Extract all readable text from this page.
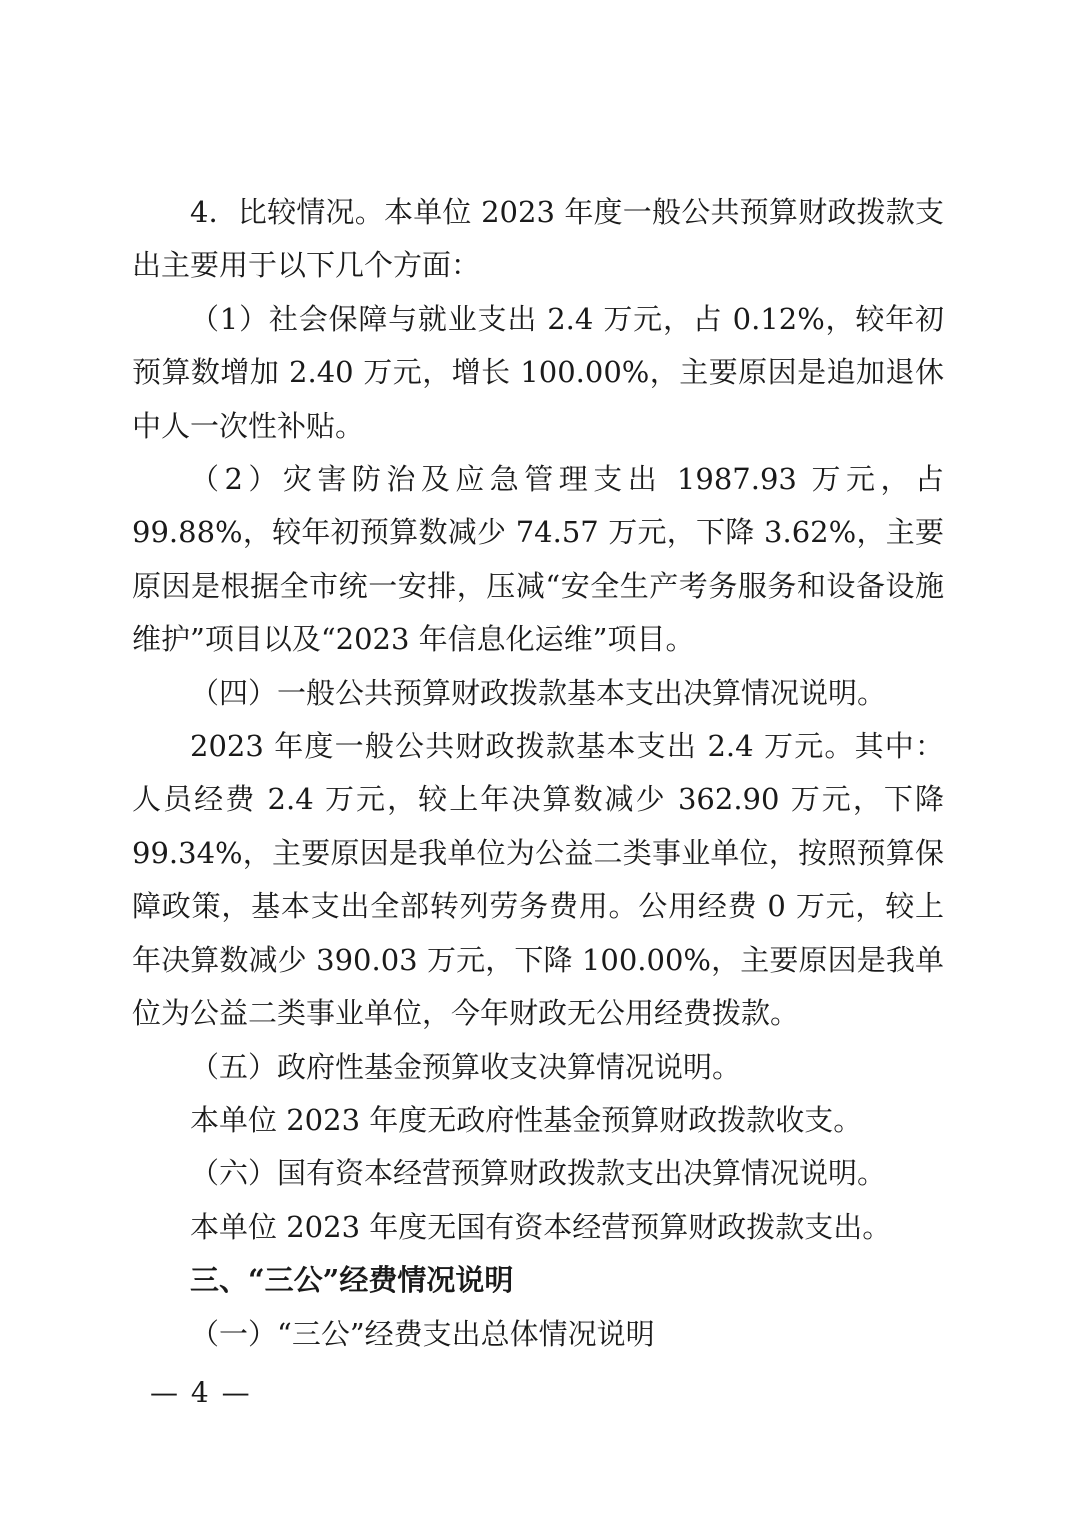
4．比较情况。本单位 2023 年度一般公共预算财政拨款支出主要用于以下几个方面：

（1）社会保障与就业支出 2.4 万元，占 0.12%，较年初预算数增加 2.40 万元，增长 100.00%，主要原因是追加退休中人一次性补贴。

（2）灾害防治及应急管理支出 1987.93 万元，占 99.88%，较年初预算数减少 74.57 万元，下降 3.62%，主要原因是根据全市统一安排，压减“安全生产考务服务和设备设施维护”项目以及“2023 年信息化运维”项目。

（四）一般公共预算财政拨款基本支出决算情况说明。

2023 年度一般公共财政拨款基本支出 2.4 万元。其中：人员经费 2.4 万元，较上年决算数减少 362.90 万元，下降 99.34%，主要原因是我单位为公益二类事业单位，按照预算保障政策，基本支出全部转列劳务费用。公用经费 0 万元，较上年决算数减少 390.03 万元，下降 100.00%，主要原因是我单位为公益二类事业单位，今年财政无公用经费拨款。

（五）政府性基金预算收支决算情况说明。

本单位 2023 年度无政府性基金预算财政拨款收支。

（六）国有资本经营预算财政拨款支出决算情况说明。

本单位 2023 年度无国有资本经营预算财政拨款支出。

三、“三公”经费情况说明

（一）“三公”经费支出总体情况说明

— 4 —
